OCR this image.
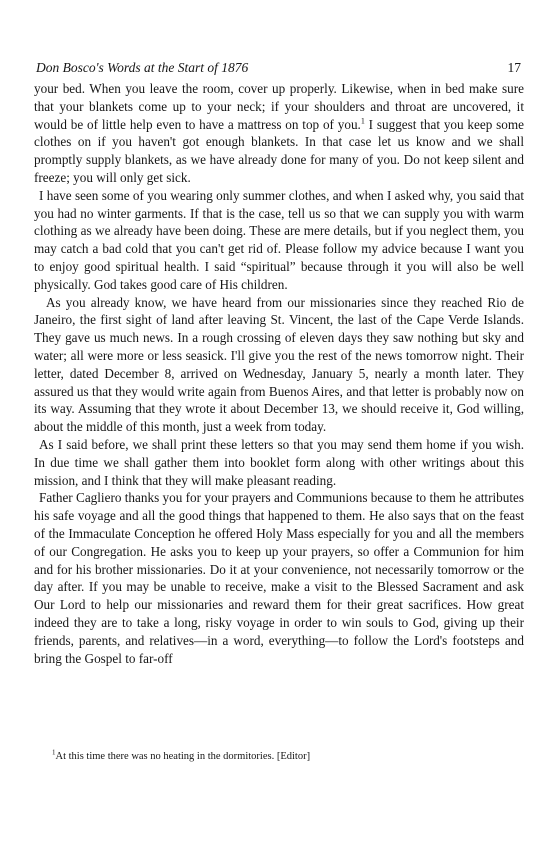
Don Bosco's Words at the Start of 1876	17

your bed. When you leave the room, cover up properly. Likewise, when in bed make sure that your blankets come up to your neck; if your shoulders and throat are uncovered, it would be of little help even to have a mattress on top of you.$^1$ I suggest that you keep some clothes on if you haven't got enough blankets. In that case let us know and we shall promptly supply blankets, as we have already done for many of you. Do not keep silent and freeze; you will only get sick.

I have seen some of you wearing only summer clothes, and when I asked why, you said that you had no winter garments. If that is the case, tell us so that we can supply you with warm clothing as we already have been doing. These are mere details, but if you neglect them, you may catch a bad cold that you can't get rid of. Please follow my advice because I want you to enjoy good spiritual health. I said “spiritual” because through it you will also be well physically. God takes good care of His children.

As you already know, we have heard from our missionaries since they reached Rio de Janeiro, the first sight of land after leaving St. Vincent, the last of the Cape Verde Islands. They gave us much news. In a rough crossing of eleven days they saw nothing but sky and water; all were more or less seasick. I'll give you the rest of the news tomorrow night. Their letter, dated December 8, arrived on Wednesday, January 5, nearly a month later. They assured us that they would write again from Buenos Aires, and that letter is probably now on its way. Assuming that they wrote it about December 13, we should receive it, God willing, about the middle of this month, just a week from today.

As I said before, we shall print these letters so that you may send them home if you wish. In due time we shall gather them into booklet form along with other writings about this mission, and I think that they will make pleasant reading.

Father Cagliero thanks you for your prayers and Communions because to them he attributes his safe voyage and all the good things that happened to them. He also says that on the feast of the Immaculate Conception he offered Holy Mass especially for you and all the members of our Congregation. He asks you to keep up your prayers, so offer a Communion for him and for his brother missionaries. Do it at your convenience, not necessarily tomorrow or the day after. If you may be unable to receive, make a visit to the Blessed Sacrament and ask Our Lord to help our missionaries and reward them for their great sacrifices. How great indeed they are to take a long, risky voyage in order to win souls to God, giving up their friends, parents, and relatives—in a word, everything—to follow the Lord's footsteps and bring the Gospel to far-off

$^1$At this time there was no heating in the dormitories. [Editor]
